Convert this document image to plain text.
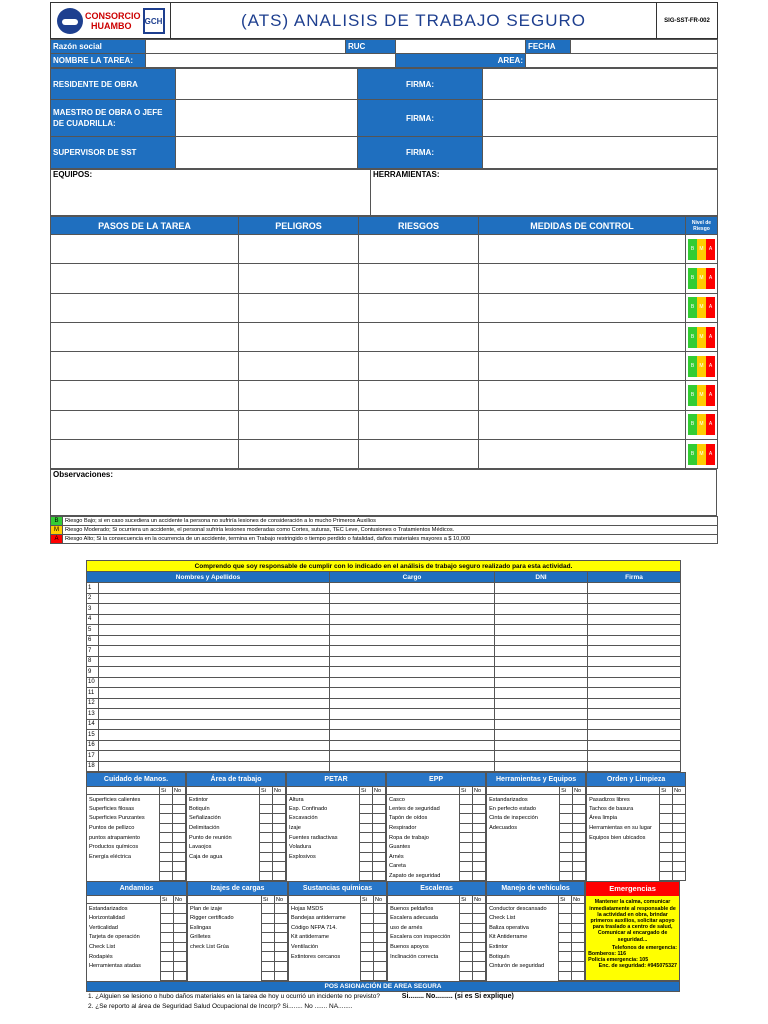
CONSORCIO
HUAMBO	GCH	(ATS) ANALISIS DE TRABAJO SEGURO	SIG-SST-FR-002
Razón social		RUC		FECHA	
NOMBRE LA TAREA:			AREA:		
RESIDENTE DE OBRA		FIRMA:	
MAESTRO DE OBRA O JEFE DE CUADRILLA:		FIRMA:	
SUPERVISOR DE SST		FIRMA:	
EQUIPOS:	HERRAMIENTAS:
PASOS DE LA TAREA	PELIGROS	RIESGOS	MEDIDAS DE CONTROL	Nivel de Riesgo
				B M A
				B M A
				B M A
				B M A
				B M A
				B M A
				B M A
				B M A
Observaciones:
B	Riesgo Bajo; si en caso sucediera un accidente la persona no sufriría lesiones de consideración a lo mucho Primeros Auxilios
M	Riesgo Moderado; Si ocurriera un accidente, el personal sufriría lesiones moderadas como Cortes, suturas, TEC Leve, Contusiones o Tratamientos Médicos.
A	Riesgo Alto; Si la consecuencia en la ocurrencia de un accidente, termina en Trabajo restringido o tiempo perdido o fatalidad, daños materiales mayores a $ 10,000
Comprendo que soy responsable de cumplir con lo indicado en el análisis de trabajo seguro realizado para esta actividad.				
Nombres y Apellidos		Cargo	DNI	Firma
1				
2				
3				
4				
5				
6				
7				
8				
9				
10				
11				
12				
13				
14				
15				
16				
17				
18				
Cuidado de Manos.		
	Si	No
Superficies calientes		
Superficies filosas		
Superficies Punzantes		
Puntos de pellizco		
puntos atrapamiento		
Productos químicos		
Energía eléctrica		

Área de trabajo		
	Si	No
Extintor		
Botiquín		
Señalización		
Delimitación		
Punto de reunión		
Lavaojos		
Caja de agua		

PETAR		
	Si	No
Altura		
Esp. Confinado		
Excavación		
Izaje		
Fuentes radiactivas		
Voladura		
Explosivos		

EPP		
	Si	No
Casco		
Lentes de seguridad		
Tapón de oídos		
Respirador		
Ropa de trabajo		
Guantes		
Arnés		
Careta		
Zapato de seguridad		
Herramientas y Equipos		
	Si	No
Estandarizados		
En perfecto estado		
Cinta de inspección		
Adecuados		

Orden y Limpieza		
	Si	No
Pasadizos libres		
Tachos de basura		
Área limpia		
Herramientas en su lugar		
Equipos bien ubicados		

Andamios		
	Si	No
Estandarizados		
Horizontalidad		
Verticalidad		
Tarjeta de operación		
Check List		
Rodapiés		
Herramientas atadas		

Izajes de cargas		
	Si	No
Plan de izaje		
Rigger certificado		
Eslingas		
Grilletes		
check List Grúa		

Sustancias químicas		
	Si	No
Hojas MSDS		
Bandejas antiderrame		
Código NFPA 714.		
Kit antiderrame		
Ventilación		
Extintores cercanos		

Escaleras		
	Si	No
Buenos peldaños		
Escalera adecuada		
uso de arnés		
Escalera con inspección		
Buenos apoyos		
Inclinación correcta		

Manejo de vehículos		
	Si	No
Conductor descansado		
Check List		
Baliza operativa		
Kit Antiderrame		
Extintor		
Botiquín		
Cinturón de seguridad		

Emergencias
Mantener la calma, comunicar inmediatamente al responsable de la actividad en obra, brindar primeros auxilios, solicitar apoyo para traslado a centro de salud, Comunicar al encargado de seguridad...
Telefonos de emergencia:
Bomberos: 116
Policía emergencia: 105
Enc. de seguridad: #945075327
POS ASIGNACIÓN DE AREA SEGURA
1. ¿Alguien se lesiono o hubo daños materiales en la tarea de hoy u ocurrió un incidente no previsto?	Si........ No......... (si es Si explique)
2. ¿Se reporto al área de Seguridad Salud Ocupacional de Incorp? Si........ No ....... NA........
